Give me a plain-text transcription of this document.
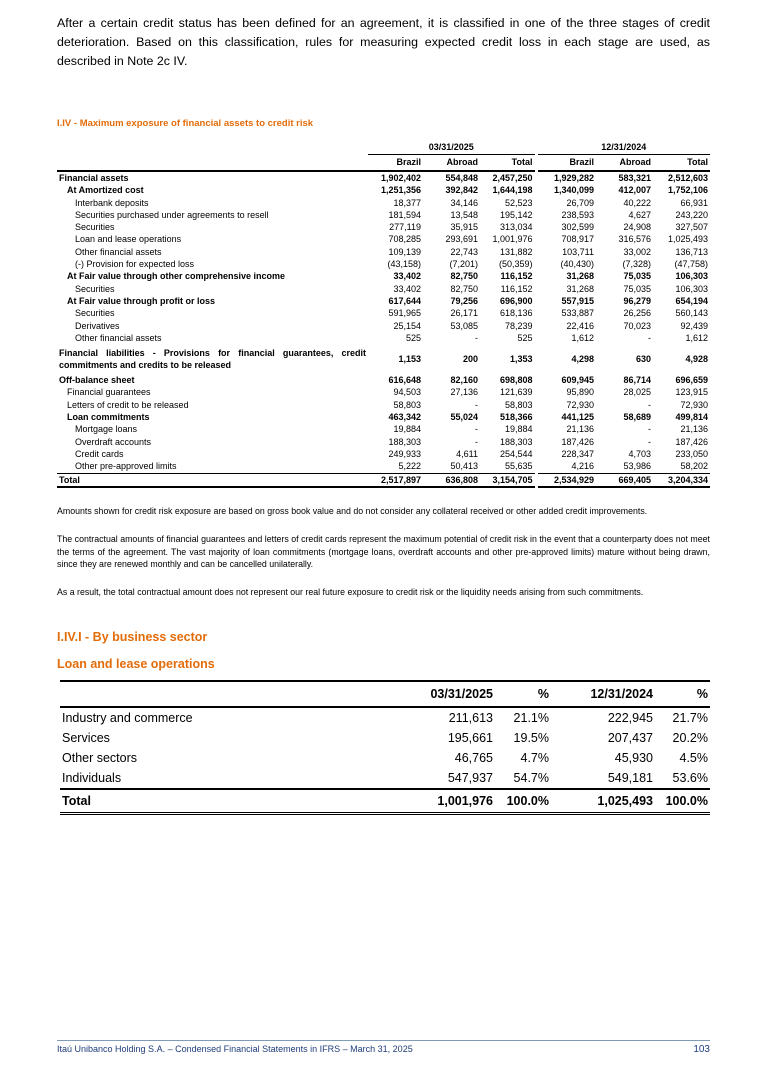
After a certain credit status has been defined for an agreement, it is classified in one of the three stages of credit deterioration. Based on this classification, rules for measuring expected credit loss in each stage are used, as described in Note 2c IV.
I.IV - Maximum exposure of financial assets to credit risk
	03/31/2025			12/31/2024		
	Brazil	Abroad	Total	Brazil	Abroad	Total
Financial assets	1,902,402	554,848	2,457,250	1,929,282	583,321	2,512,603
At Amortized cost	1,251,356	392,842	1,644,198	1,340,099	412,007	1,752,106
Interbank deposits	18,377	34,146	52,523	26,709	40,222	66,931
Securities purchased under agreements to resell	181,594	13,548	195,142	238,593	4,627	243,220
Securities	277,119	35,915	313,034	302,599	24,908	327,507
Loan and lease operations	708,285	293,691	1,001,976	708,917	316,576	1,025,493
Other financial assets	109,139	22,743	131,882	103,711	33,002	136,713
(-) Provision for expected loss	(43,158)	(7,201)	(50,359)	(40,430)	(7,328)	(47,758)
At Fair value through other comprehensive income	33,402	82,750	116,152	31,268	75,035	106,303
Securities	33,402	82,750	116,152	31,268	75,035	106,303
At Fair value through profit or loss	617,644	79,256	696,900	557,915	96,279	654,194
Securities	591,965	26,171	618,136	533,887	26,256	560,143
Derivatives	25,154	53,085	78,239	22,416	70,023	92,439
Other financial assets	525	-	525	1,612	-	1,612
Financial liabilities - Provisions for financial guarantees, credit commitments and credits to be released	1,153	200	1,353	4,298	630	4,928
Off-balance sheet	616,648	82,160	698,808	609,945	86,714	696,659
Financial guarantees	94,503	27,136	121,639	95,890	28,025	123,915
Letters of credit to be released	58,803	-	58,803	72,930	-	72,930
Loan commitments	463,342	55,024	518,366	441,125	58,689	499,814
Mortgage loans	19,884	-	19,884	21,136	-	21,136
Overdraft accounts	188,303	-	188,303	187,426	-	187,426
Credit cards	249,933	4,611	254,544	228,347	4,703	233,050
Other pre-approved limits	5,222	50,413	55,635	4,216	53,986	58,202
Total	2,517,897	636,808	3,154,705	2,534,929	669,405	3,204,334
Amounts shown for credit risk exposure are based on gross book value and do not consider any collateral received or other added credit improvements.
The contractual amounts of financial guarantees and letters of credit cards represent the maximum potential of credit risk in the event that a counterparty does not meet the terms of the agreement. The vast majority of loan commitments (mortgage loans, overdraft accounts and other pre-approved limits) mature without being drawn, since they are renewed monthly and can be cancelled unilaterally.
As a result, the total contractual amount does not represent our real future exposure to credit risk or the liquidity needs arising from such commitments.
I.IV.I - By business sector
Loan and lease operations
	03/31/2025	%	12/31/2024	%
Industry and commerce	211,613	21.1%	222,945	21.7%
Services	195,661	19.5%	207,437	20.2%
Other sectors	46,765	4.7%	45,930	4.5%
Individuals	547,937	54.7%	549,181	53.6%
Total	1,001,976	100.0%	1,025,493	100.0%
Itaú Unibanco Holding S.A. – Condensed Financial Statements in IFRS – March 31, 2025	103
